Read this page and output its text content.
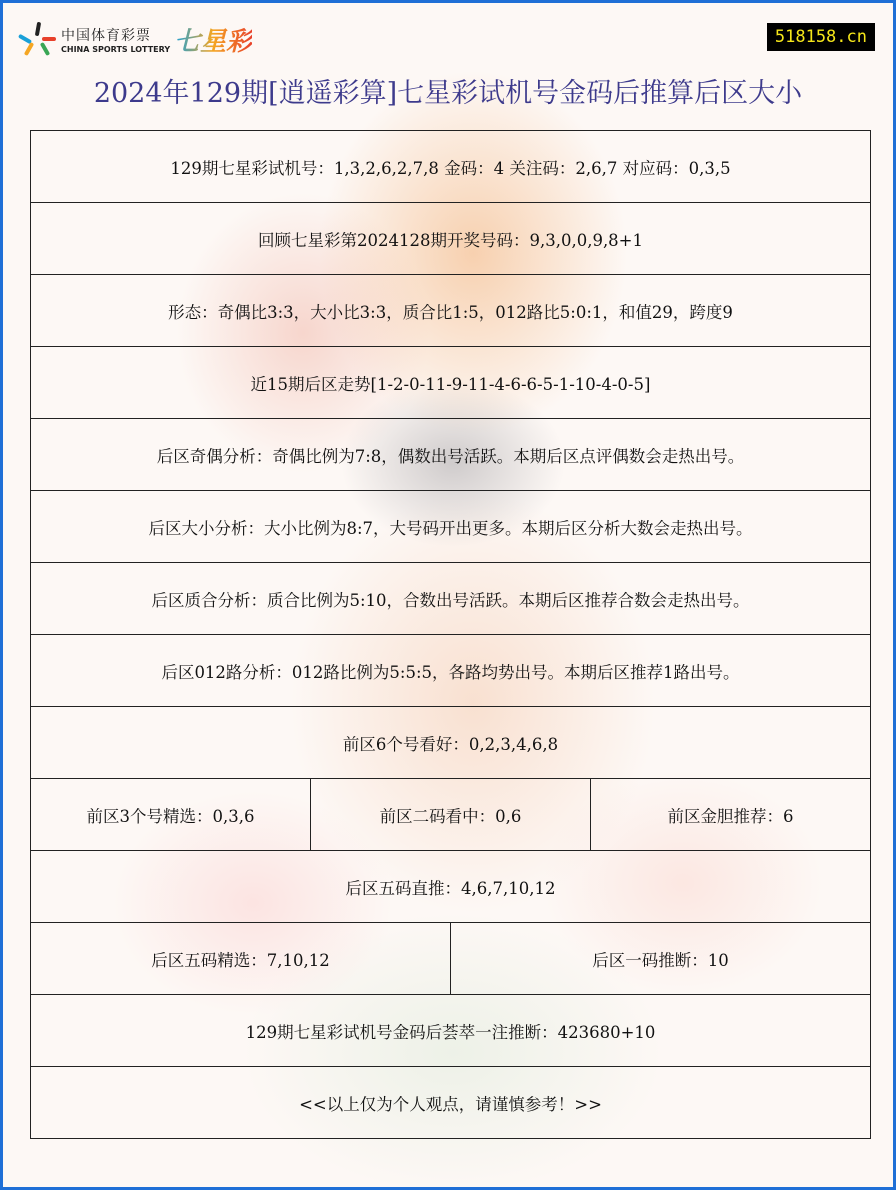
中国体育彩票
CHINA SPORTS LOTTERY 七星彩	518158.cn
2024年129期[逍遥彩算]七星彩试机号金码后推算后区大小
129期七星彩试机号：1,3,2,6,2,7,8 金码：4 关注码：2,6,7 对应码：0,3,5			
回顾七星彩第2024128期开奖号码：9,3,0,0,9,8+1			
形态：奇偶比3:3，大小比3:3，质合比1:5，012路比5:0:1，和值29，跨度9			
近15期后区走势[1-2-0-11-9-11-4-6-6-5-1-10-4-0-5]			
后区奇偶分析：奇偶比例为7:8，偶数出号活跃。本期后区点评偶数会走热出号。			
后区大小分析：大小比例为8:7，大号码开出更多。本期后区分析大数会走热出号。			
后区质合分析：质合比例为5:10，合数出号活跃。本期后区推荐合数会走热出号。			
后区012路分析：012路比例为5:5:5，各路均势出号。本期后区推荐1路出号。			
前区6个号看好：0,2,3,4,6,8			
前区3个号精选：0,3,6	前区二码看中：0,6		前区金胆推荐：6
后区五码直推：4,6,7,10,12			
后区五码精选：7,10,12		后区一码推断：10	
129期七星彩试机号金码后荟萃一注推断：423680+10			
<<以上仅为个人观点，请谨慎参考！>>			
